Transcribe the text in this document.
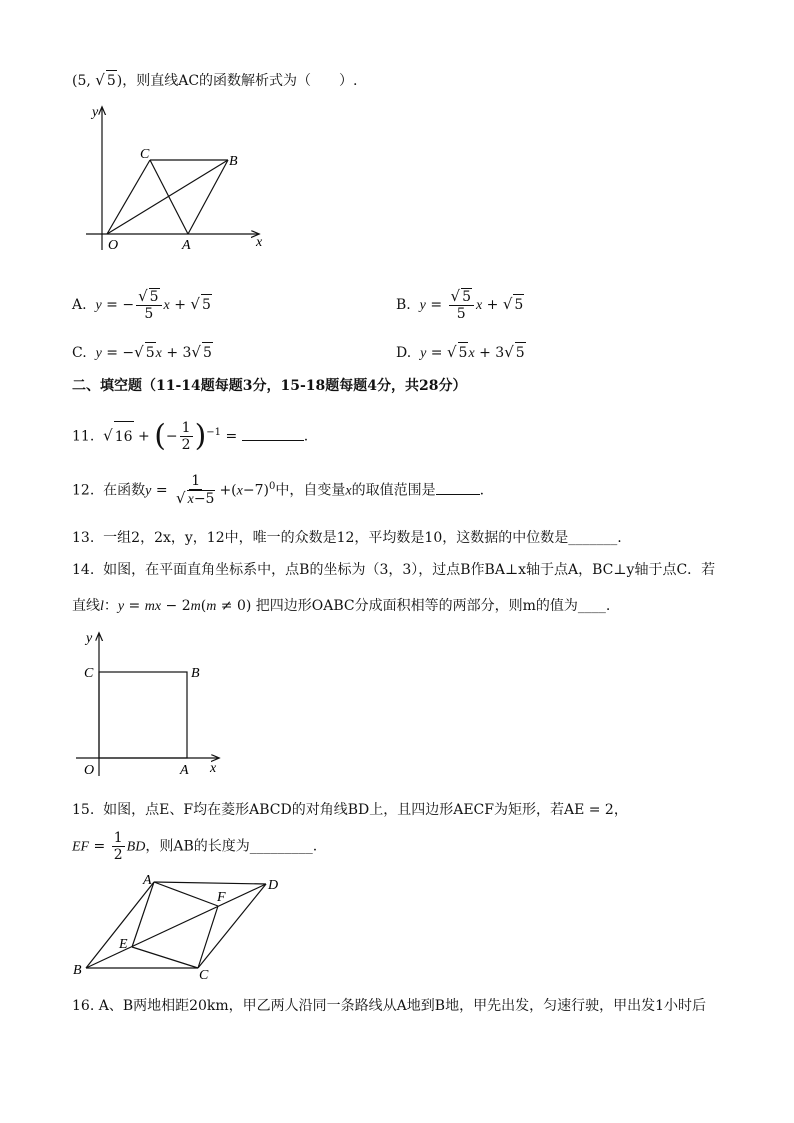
(5, √ 5)，则直线AC的函数解析式为（　　）.
y
x
O	A
C	B
A. y = − $\frac{√ 5}{5}$ x + √ 5	B. $y = \frac{√ 5}{5}$ x + √ 5
C. y = −√ 5x + 3√ 5	D. y = √ 5x + 3√ 5
二、填空题（11-14题每题3分，15-18题每题4分，共28分）
11. √ 16 + (− $\frac{1}{2} )^{-1}$ =	.
12. 在函数$y = \frac{1}{√ x-5} +(x-7)^0$中，自变量x的取值范围是	.
13. 一组2，2x，y，12中，唯一的众数是12，平均数是10，这数据的中位数是_______.
14. 如图，在平面直角坐标系中，点B的坐标为（3，3），过点B作BA⊥x轴于点A，BC⊥y轴于点C．若
直线l：y = mx − 2m(m ≠ 0) 把四边形OABC分成面积相等的两部分，则m的值为____.
y
x
O	A
C	B
15. 如图，点E、F均在菱形ABCD的对角线BD上，且四边形AECF为矩形，若AE = 2，
EF = $\frac{1}{2}$ BD，则AB的长度为_________.
A	D
F
E
B	C
16. A、B两地相距20km，甲乙两人沿同一条路线从A地到B地，甲先出发，匀速行驶，甲出发1小时后
